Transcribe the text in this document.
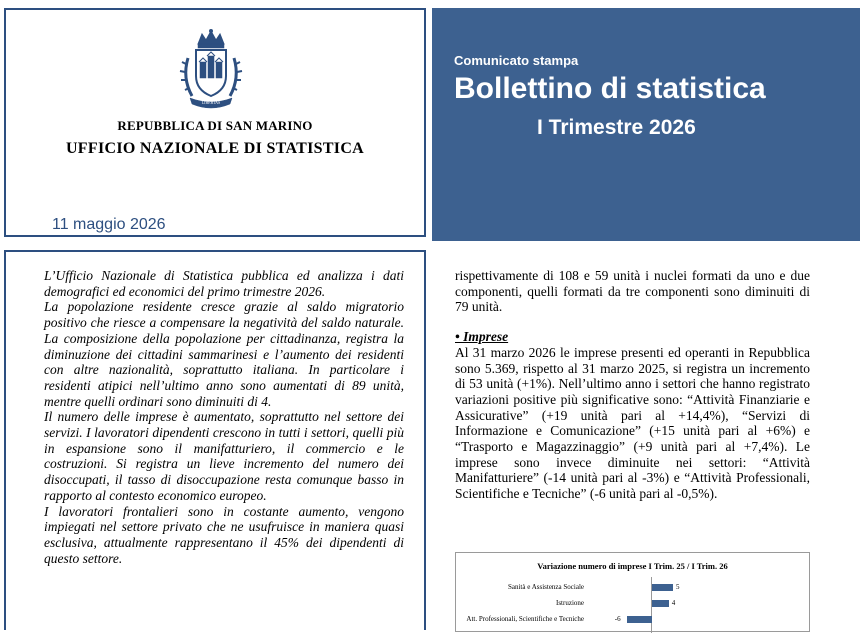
LIBERTAS
REPUBBLICA DI SAN MARINO
UFFICIO NAZIONALE DI STATISTICA
11 maggio 2026
Comunicato stampa
Bollettino di statistica
I Trimestre 2026

L’Ufficio Nazionale di Statistica pubblica ed analizza i dati demografici ed economici del primo trimestre 2026.

La popolazione residente cresce grazie al saldo migratorio positivo che riesce a compensare la negatività del saldo naturale. La composizione della popolazione per cittadinanza, registra la diminuzione dei cittadini sammarinesi e l’aumento dei residenti con altre nazionalità, soprattutto italiana. In particolare i residenti atipici nell’ultimo anno sono aumentati di 89 unità, mentre quelli ordinari sono diminuiti di 4.

Il numero delle imprese è aumentato, soprattutto nel settore dei servizi. I lavoratori dipendenti crescono in tutti i settori, quelli più in espansione sono il manifatturiero, il commercio e le costruzioni. Si registra un lieve incremento del numero dei disoccupati, il tasso di disoccupazione resta comunque basso in rapporto al contesto economico europeo.

I lavoratori frontalieri sono in costante aumento, vengono impiegati nel settore privato che ne usufruisce in maniera quasi esclusiva, attualmente rappresentano il 45% dei dipendenti di questo settore.

rispettivamente di 108 e 59 unità i nuclei formati da uno e due componenti, quelli formati da tre componenti sono diminuiti di 79 unità.

• Imprese

Al 31 marzo 2026 le imprese presenti ed operanti in Repubblica sono 5.369, rispetto al 31 marzo 2025, si registra un incremento di 53 unità (+1%). Nell’ultimo anno i settori che hanno registrato variazioni positive più significative sono: “Attività Finanziarie e Assicurative” (+19 unità pari al +14,4%), “Servizi di Informazione e Comunicazione” (+15 unità pari al +6%) e “Trasporto e Magazzinaggio” (+9 unità pari al +7,4%). Le imprese sono invece diminuite nei settori: “Attività Manifatturiere” (-14 unità pari al -3%) e “Attività Professionali, Scientifiche e Tecniche” (-6 unità pari al -0,5%).

Variazione numero di imprese I Trim. 25 / I Trim. 26
Sanità e Assistenza Sociale	5
Istruzione	4
Att. Professionali, Scientifiche e Tecniche	-6
